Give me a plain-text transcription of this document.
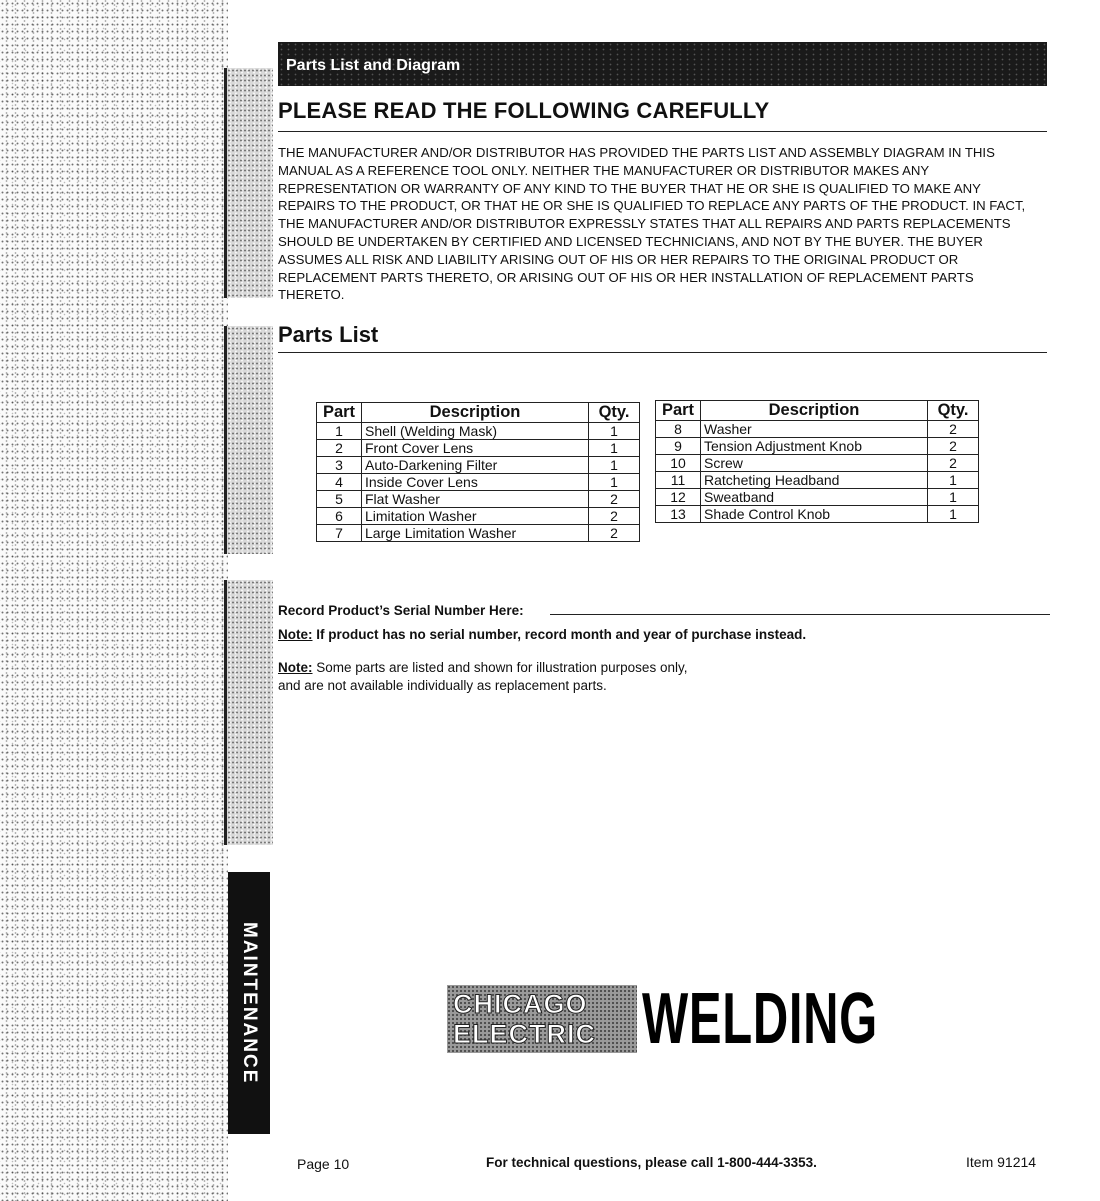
MAINTENANCE
Parts List and Diagram
PLEASE READ THE FOLLOWING CAREFULLY

THE MANUFACTURER AND/OR DISTRIBUTOR HAS PROVIDED THE PARTS LIST AND ASSEMBLY DIAGRAM IN THIS MANUAL AS A REFERENCE TOOL ONLY. NEITHER THE MANUFACTURER OR DISTRIBUTOR MAKES ANY REPRESENTATION OR WARRANTY OF ANY KIND TO THE BUYER THAT HE OR SHE IS QUALIFIED TO MAKE ANY REPAIRS TO THE PRODUCT, OR THAT HE OR SHE IS QUALIFIED TO REPLACE ANY PARTS OF THE PRODUCT. IN FACT, THE MANUFACTURER AND/OR DISTRIBUTOR EXPRESSLY STATES THAT ALL REPAIRS AND PARTS REPLACEMENTS SHOULD BE UNDERTAKEN BY CERTIFIED AND LICENSED TECHNICIANS, AND NOT BY THE BUYER. THE BUYER ASSUMES ALL RISK AND LIABILITY ARISING OUT OF HIS OR HER REPAIRS TO THE ORIGINAL PRODUCT OR REPLACEMENT PARTS THERETO, OR ARISING OUT OF HIS OR HER INSTALLATION OF REPLACEMENT PARTS THERETO.

Parts List
Part	Description	Qty.
1	Shell (Welding Mask)	1
2	Front Cover Lens	1
3	Auto-Darkening Filter	1
4	Inside Cover Lens	1
5	Flat Washer	2
6	Limitation Washer	2
7	Large Limitation Washer	2
Part	Description	Qty.
8	Washer	2
9	Tension Adjustment Knob	2
10	Screw	2
11	Ratcheting Headband	1
12	Sweatband	1
13	Shade Control Knob	1
Record Product’s Serial Number Here:
Note: If product has no serial number, record month and year of purchase instead.
Note: Some parts are listed and shown for illustration purposes only,
and are not available individually as replacement parts.
CHICAGO
ELECTRIC WELDING
Page 10	For technical questions, please call 1-800-444-3353.	Item 91214
